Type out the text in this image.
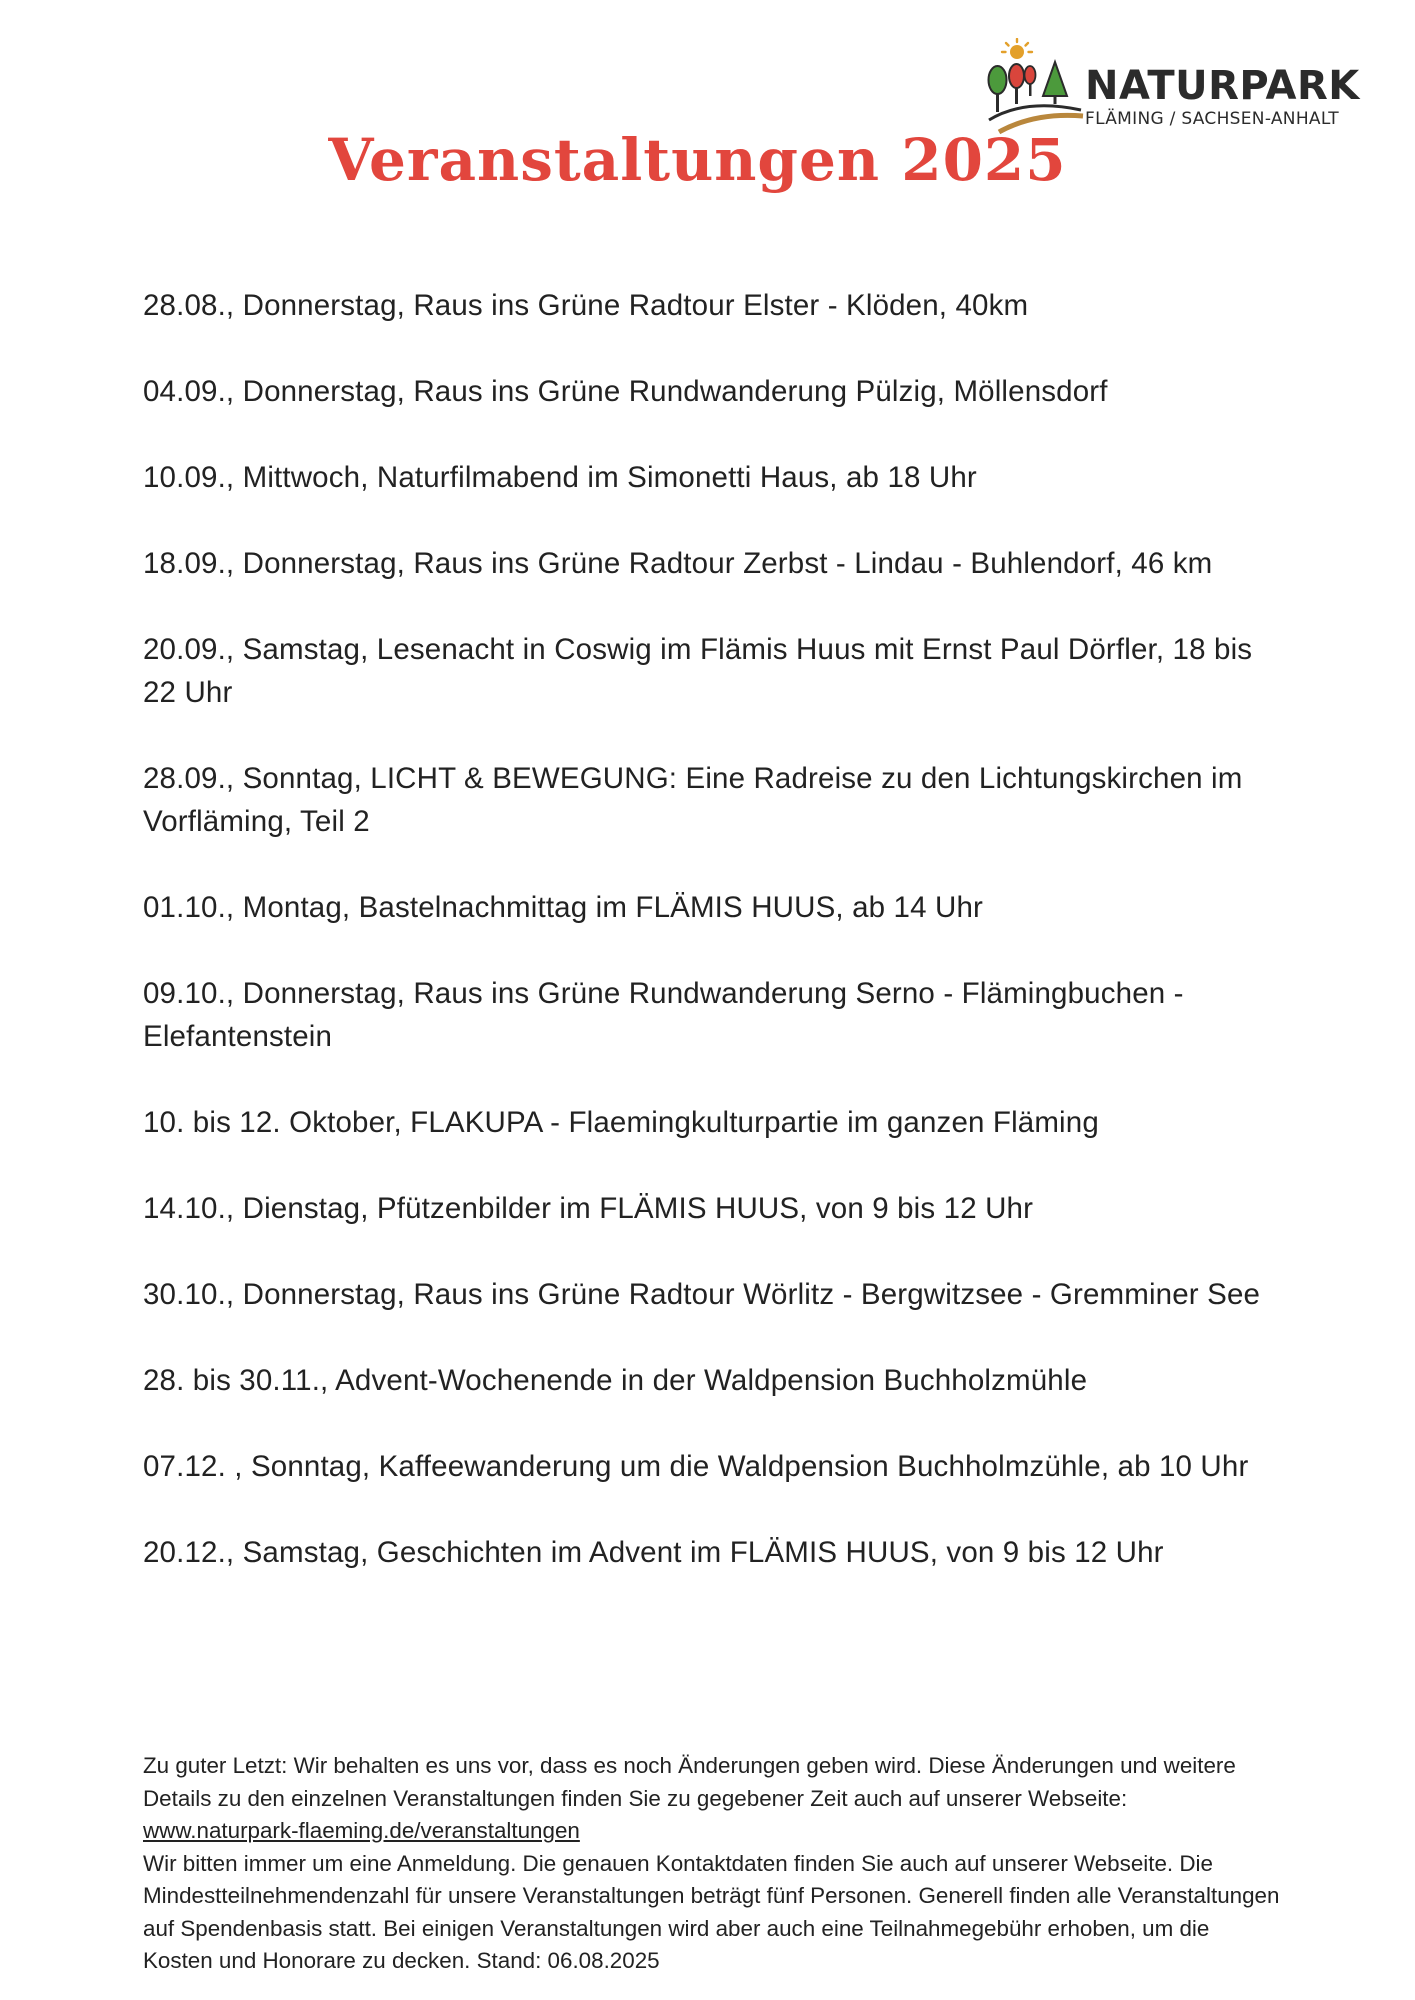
NATURPARK
FLÄMING / SACHSEN-ANHALT
Veranstaltungen 2025
28.08., Donnerstag, Raus ins Grüne Radtour Elster - Klöden, 40km
04.09., Donnerstag, Raus ins Grüne Rundwanderung Pülzig, Möllensdorf
10.09., Mittwoch, Naturfilmabend im Simonetti Haus, ab 18 Uhr
18.09., Donnerstag, Raus ins Grüne Radtour Zerbst - Lindau - Buhlendorf, 46 km
20.09., Samstag, Lesenacht in Coswig im Flämis Huus mit Ernst Paul Dörfler, 18 bis 22 Uhr
28.09., Sonntag, LICHT & BEWEGUNG: Eine Radreise zu den Lichtungskirchen im Vorfläming, Teil 2
01.10., Montag, Bastelnachmittag im FLÄMIS HUUS, ab 14 Uhr
09.10., Donnerstag, Raus ins Grüne Rundwanderung Serno - Flämingbuchen - Elefantenstein
10. bis 12. Oktober, FLAKUPA - Flaemingkulturpartie im ganzen Fläming
14.10., Dienstag, Pfützenbilder im FLÄMIS HUUS, von 9 bis 12 Uhr
30.10., Donnerstag, Raus ins Grüne Radtour Wörlitz - Bergwitzsee - Gremminer See
28. bis 30.11., Advent-Wochenende in der Waldpension Buchholzmühle
07.12. , Sonntag, Kaffeewanderung um die Waldpension Buchholmzühle, ab 10 Uhr
20.12., Samstag, Geschichten im Advent im FLÄMIS HUUS, von 9 bis 12 Uhr

Zu guter Letzt: Wir behalten es uns vor, dass es noch Änderungen geben wird. Diese Änderungen und weitere Details zu den einzelnen Veranstaltungen finden Sie zu gegebener Zeit auch auf unserer Webseite: www.naturpark-flaeming.de/veranstaltungen

Wir bitten immer um eine Anmeldung. Die genauen Kontaktdaten finden Sie auch auf unserer Webseite. Die Mindestteilnehmendenzahl für unsere Veranstaltungen beträgt fünf Personen. Generell finden alle Veranstaltungen auf Spendenbasis statt. Bei einigen Veranstaltungen wird aber auch eine Teilnahmegebühr erhoben, um die Kosten und Honorare zu decken. Stand: 06.08.2025
